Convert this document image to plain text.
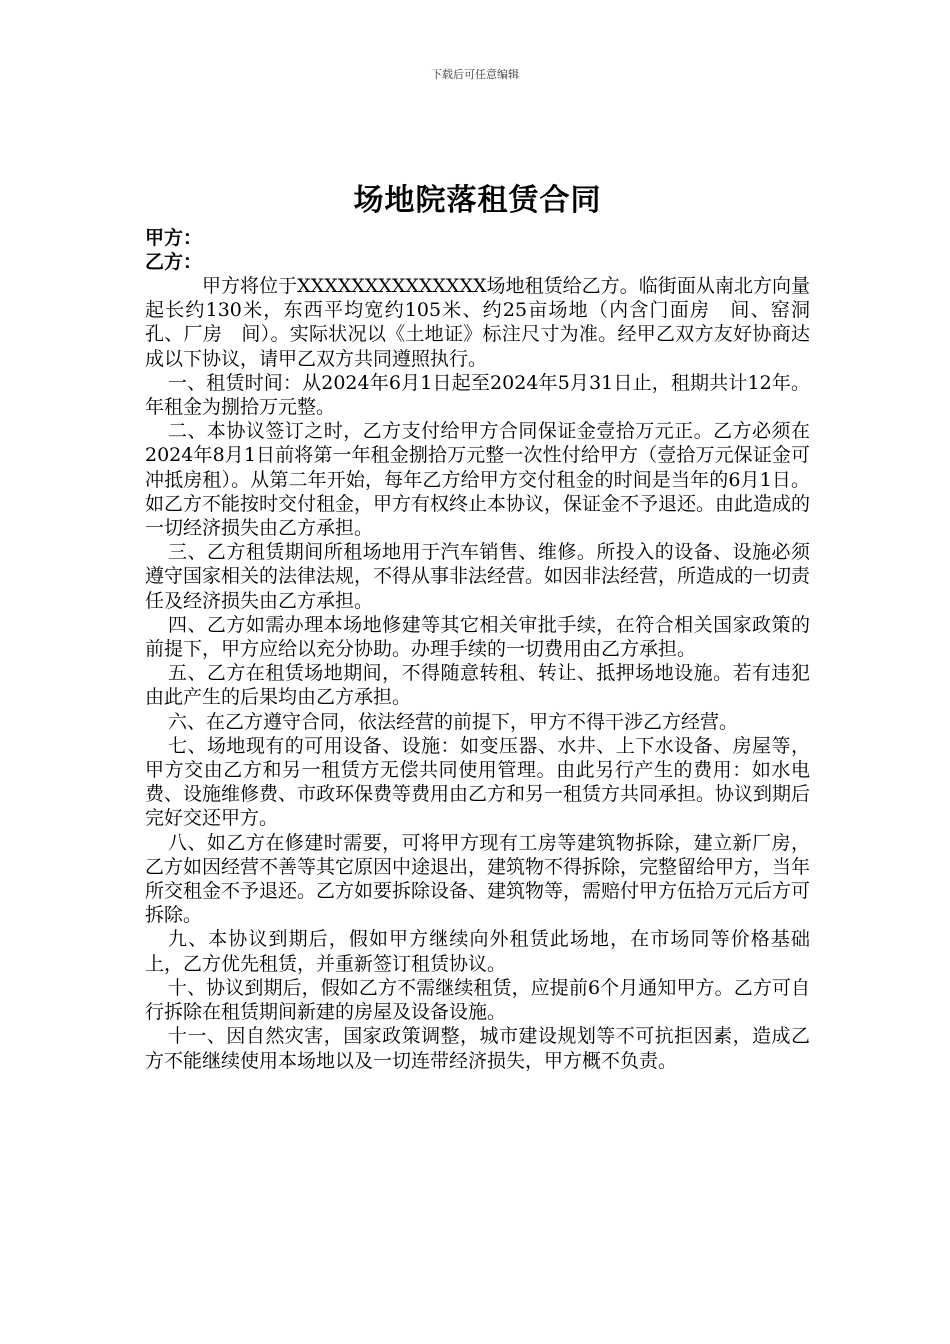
下载后可任意编辑
场地院落租赁合同

甲方：

乙方：

甲方将位于XXXXXXXXXXXXXX场地租赁给乙方。临街面从南北方向量起长约130米，东西平均宽约105米、约25亩场地（内含门面房　间、窑洞　孔、厂房　间）。实际状况以《土地证》标注尺寸为准。经甲乙双方友好协商达成以下协议，请甲乙双方共同遵照执行。

一、租赁时间：从2024年6月1日起至2024年5月31日止，租期共计12年。年租金为捌拾万元整。

二、本协议签订之时，乙方支付给甲方合同保证金壹拾万元正。乙方必须在2024年8月1日前将第一年租金捌拾万元整一次性付给甲方（壹拾万元保证金可冲抵房租）。从第二年开始，每年乙方给甲方交付租金的时间是当年的6月1日。如乙方不能按时交付租金，甲方有权终止本协议，保证金不予退还。由此造成的一切经济损失由乙方承担。

三、乙方租赁期间所租场地用于汽车销售、维修。所投入的设备、设施必须遵守国家相关的法律法规，不得从事非法经营。如因非法经营，所造成的一切责任及经济损失由乙方承担。

四、乙方如需办理本场地修建等其它相关审批手续，在符合相关国家政策的前提下，甲方应给以充分协助。办理手续的一切费用由乙方承担。

五、乙方在租赁场地期间，不得随意转租、转让、抵押场地设施。若有违犯由此产生的后果均由乙方承担。

六、在乙方遵守合同，依法经营的前提下，甲方不得干涉乙方经营。

七、场地现有的可用设备、设施：如变压器、水井、上下水设备、房屋等，甲方交由乙方和另一租赁方无偿共同使用管理。由此另行产生的费用：如水电费、设施维修费、市政环保费等费用由乙方和另一租赁方共同承担。协议到期后完好交还甲方。

八、如乙方在修建时需要，可将甲方现有工房等建筑物拆除，建立新厂房，乙方如因经营不善等其它原因中途退出，建筑物不得拆除，完整留给甲方，当年所交租金不予退还。乙方如要拆除设备、建筑物等，需赔付甲方伍拾万元后方可拆除。

九、本协议到期后，假如甲方继续向外租赁此场地，在市场同等价格基础上，乙方优先租赁，并重新签订租赁协议。

十、协议到期后，假如乙方不需继续租赁，应提前6个月通知甲方。乙方可自行拆除在租赁期间新建的房屋及设备设施。

十一、因自然灾害，国家政策调整，城市建设规划等不可抗拒因素，造成乙方不能继续使用本场地以及一切连带经济损失，甲方概不负责。
